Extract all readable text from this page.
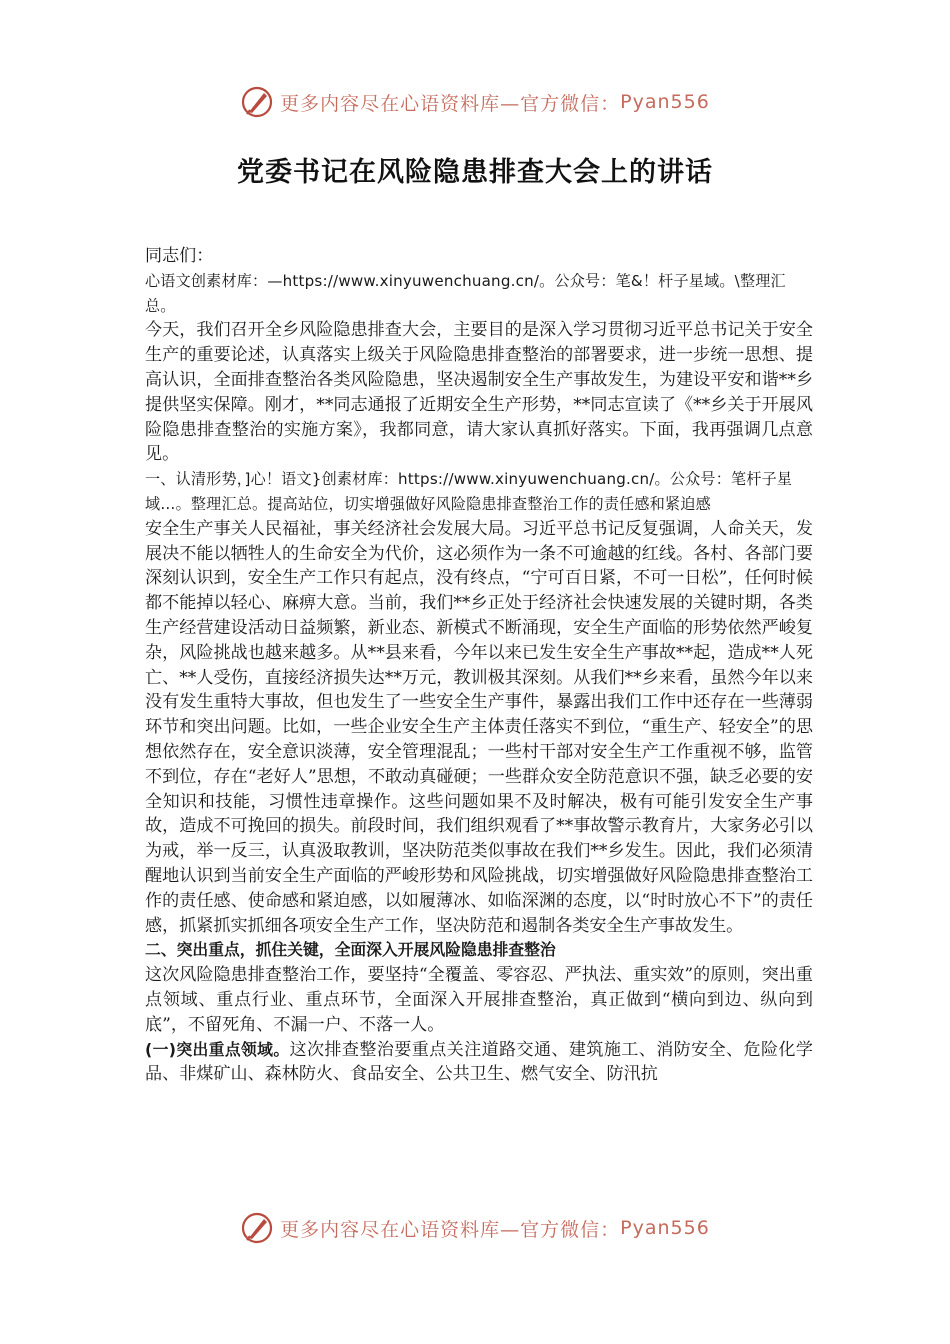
更多内容尽在心语资料库—官方微信： Pyan556
党委书记在风险隐患排查大会上的讲话

同志们：

心语文创素材库：—https://www.xinyuwenchuang.cn/。公众号：笔&！杆子星域。\整理汇总。

今天，我们召开全乡风险隐患排查大会，主要目的是深入学习贯彻习近平总书记关于安全生产的重要论述，认真落实上级关于风险隐患排查整治的部署要求，进一步统一思想、提高认识，全面排查整治各类风险隐患，坚决遏制安全生产事故发生，为建设平安和谐**乡提供坚实保障。刚才，**同志通报了近期安全生产形势，**同志宣读了《**乡关于开展风险隐患排查整治的实施方案》，我都同意，请大家认真抓好落实。下面，我再强调几点意见。

一、认清形势，]心！语文}创素材库：https://www.xinyuwenchuang.cn/。公众号：笔杆子星域…。整理汇总。提高站位，切实增强做好风险隐患排查整治工作的责任感和紧迫感

安全生产事关人民福祉，事关经济社会发展大局。习近平总书记反复强调，人命关天，发展决不能以牺牲人的生命安全为代价，这必须作为一条不可逾越的红线。各村、各部门要深刻认识到，安全生产工作只有起点，没有终点，“宁可百日紧，不可一日松”，任何时候都不能掉以轻心、麻痹大意。当前，我们**乡正处于经济社会快速发展的关键时期，各类生产经营建设活动日益频繁，新业态、新模式不断涌现，安全生产面临的形势依然严峻复杂，风险挑战也越来越多。从**县来看，今年以来已发生安全生产事故**起，造成**人死亡、**人受伤，直接经济损失达**万元，教训极其深刻。从我们**乡来看，虽然今年以来没有发生重特大事故，但也发生了一些安全生产事件，暴露出我们工作中还存在一些薄弱环节和突出问题。比如，一些企业安全生产主体责任落实不到位，“重生产、轻安全”的思想依然存在，安全意识淡薄，安全管理混乱；一些村干部对安全生产工作重视不够，监管不到位，存在“老好人”思想，不敢动真碰硬；一些群众安全防范意识不强，缺乏必要的安全知识和技能，习惯性违章操作。这些问题如果不及时解决，极有可能引发安全生产事故，造成不可挽回的损失。前段时间，我们组织观看了**事故警示教育片，大家务必引以为戒，举一反三，认真汲取教训，坚决防范类似事故在我们**乡发生。因此，我们必须清醒地认识到当前安全生产面临的严峻形势和风险挑战，切实增强做好风险隐患排查整治工作的责任感、使命感和紧迫感，以如履薄冰、如临深渊的态度，以“时时放心不下”的责任感，抓紧抓实抓细各项安全生产工作，坚决防范和遏制各类安全生产事故发生。

二、突出重点，抓住关键，全面深入开展风险隐患排查整治

这次风险隐患排查整治工作，要坚持“全覆盖、零容忍、严执法、重实效”的原则，突出重点领域、重点行业、重点环节，全面深入开展排查整治，真正做到“横向到边、纵向到底”，不留死角、不漏一户、不落一人。

(一)突出重点领域。这次排查整治要重点关注道路交通、建筑施工、消防安全、危险化学品、非煤矿山、森林防火、食品安全、公共卫生、燃气安全、防汛抗

更多内容尽在心语资料库—官方微信： Pyan556
